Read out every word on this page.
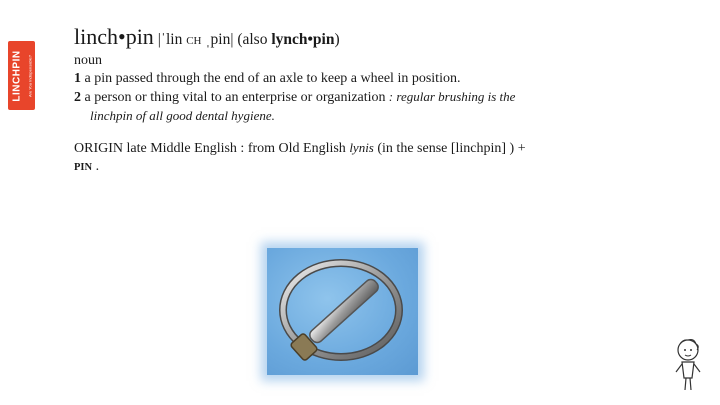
LINCHPIN Are You Indispensable?
linch•pin |ˈlin CH ˌpin| (also lynch•pin)
noun
1 a pin passed through the end of an axle to keep a wheel in position.
2 a person or thing vital to an enterprise or organization : regular brushing is the
linchpin of all good dental hygiene.
ORIGIN late Middle English : from Old English lynis (in the sense [linchpin] ) +
PIN .
